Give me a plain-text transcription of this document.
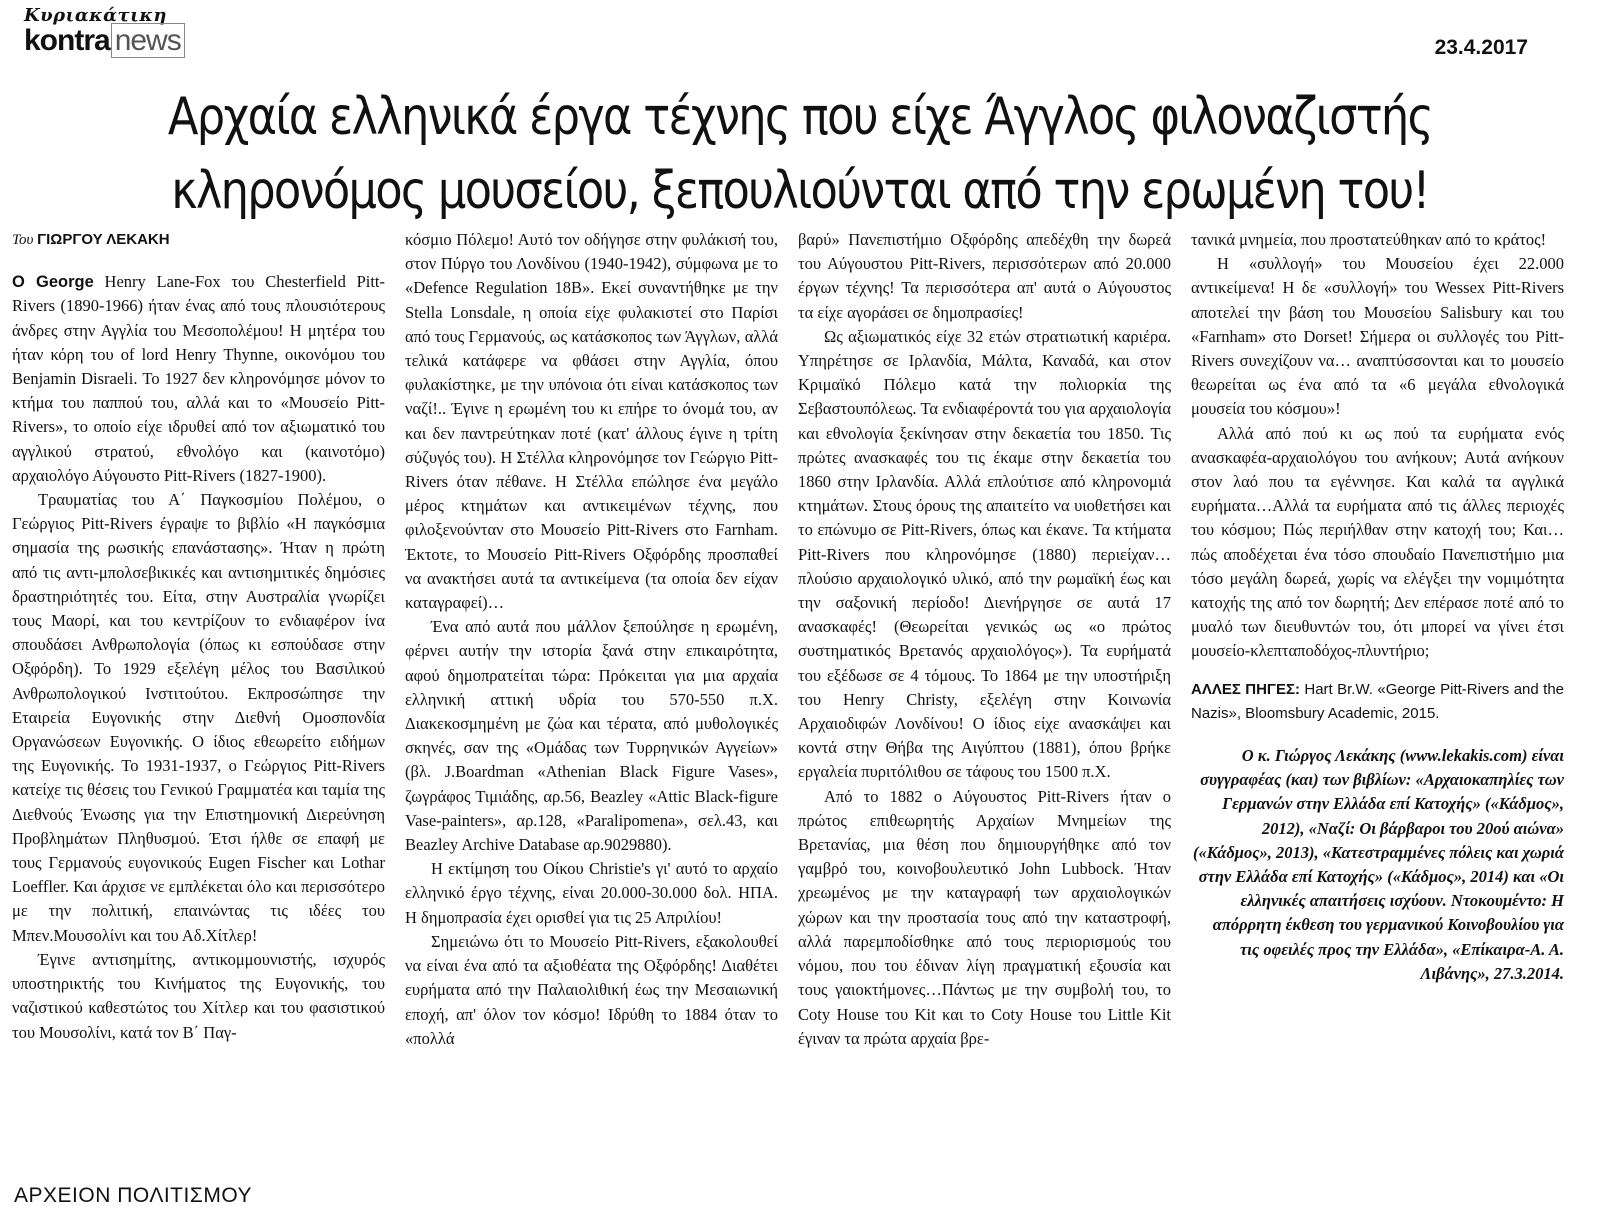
Κυριακάτικη
kontra news	23.4.2017
Αρχαία ελληνικά έργα τέχνης που είχε Άγγλος φιλοναζιστής
κληρονόμος μουσείου, ξεπουλιούνται από την ερωμένη του!

Του ΓΙΩΡΓΟΥ ΛΕΚΑΚΗ

Ο George Henry Lane-Fox του Chesterfield Pitt-Rivers (1890-1966) ήταν ένας από τους πλουσιότερους άνδρες στην Αγγλία του Μεσοπολέμου! Η μητέρα του ήταν κόρη του of lord Henry Thynne, οικονόμου του Benjamin Disraeli. Το 1927 δεν κληρονόμησε μόνον το κτήμα του παππού του, αλλά και το «Μουσείο Pitt-Rivers», το οποίο είχε ιδρυθεί από τον αξιωματικό του αγγλικού στρατού, εθνολόγο και (καινοτόμο) αρχαιολόγο Αύγουστο Pitt-Rivers (1827-1900).

Τραυματίας του Α΄ Παγκοσμίου Πολέμου, ο Γεώργιος Pitt-Rivers έγραψε το βιβλίο «Η παγκόσμια σημασία της ρωσικής επανάστασης». Ήταν η πρώτη από τις αντι-μπολσεβικικές και αντισημιτικές δημόσιες δραστηριότητές του. Είτα, στην Αυστραλία γνωρίζει τους Μαορί, και του κεντρίζουν το ενδιαφέρον ίνα σπουδάσει Ανθρωπολογία (όπως κι εσπούδασε στην Οξφόρδη). Το 1929 εξελέγη μέλος του Βασιλικού Ανθρωπολογικού Ινστιτούτου. Εκπροσώπησε την Εταιρεία Ευγονικής στην Διεθνή Ομοσπονδία Οργανώσεων Ευγονικής. Ο ίδιος εθεωρείτο ειδήμων της Ευγονικής. Το 1931-1937, ο Γεώργιος Pitt-Rivers κατείχε τις θέσεις του Γενικού Γραμματέα και ταμία της Διεθνούς Ένωσης για την Επιστημονική Διερεύνηση Προβλημάτων Πληθυσμού. Έτσι ήλθε σε επαφή με τους Γερμανούς ευγονικούς Eugen Fischer και Lothar Loeffler. Και άρχισε νε εμπλέκεται όλο και περισσότερο με την πολιτική, επαινώντας τις ιδέες του Μπεν.Μουσολίνι και του Αδ.Χίτλερ!

Έγινε αντισημίτης, αντικομμουνιστής, ισχυρός υποστηρικτής του Κινήματος της Ευγονικής, του ναζιστικού καθεστώτος του Χίτλερ και του φασιστικού του Μουσολίνι, κατά τον Β΄ Παγ-

κόσμιο Πόλεμο! Αυτό τον οδήγησε στην φυλάκισή του, στον Πύργο του Λονδίνου (1940-1942), σύμφωνα με το «Defence Regulation 18B». Εκεί συναντήθηκε με την Stella Lonsdale, η οποία είχε φυλακιστεί στο Παρίσι από τους Γερμανούς, ως κατάσκοπος των Άγγλων, αλλά τελικά κατάφερε να φθάσει στην Αγγλία, όπου φυλακίστηκε, με την υπόνοια ότι είναι κατάσκοπος των ναζί!.. Έγινε η ερωμένη του κι επήρε το όνομά του, αν και δεν παντρεύτηκαν ποτέ (κατ' άλλους έγινε η τρίτη σύζυγός του). Η Στέλλα κληρονόμησε τον Γεώργιο Pitt-Rivers όταν πέθανε. Η Στέλλα επώλησε ένα μεγάλο μέρος κτημάτων και αντικειμένων τέχνης, που φιλοξενούνταν στο Μουσείο Pitt-Rivers στο Farnham. Έκτοτε, το Μουσείο Pitt-Rivers Οξφόρδης προσπαθεί να ανακτήσει αυτά τα αντικείμενα (τα οποία δεν είχαν καταγραφεί)…

Ένα από αυτά που μάλλον ξεπούλησε η ερωμένη, φέρνει αυτήν την ιστορία ξανά στην επικαιρότητα, αφού δημοπρατείται τώρα: Πρόκειται για μια αρχαία ελληνική αττική υδρία του 570-550 π.Χ. Διακεκοσμημένη με ζώα και τέρατα, από μυθολογικές σκηνές, σαν της «Ομάδας των Τυρρηνικών Αγγείων» (βλ. J.Boardman «Athenian Black Figure Vases», ζωγράφος Τιμιάδης, αρ.56, Beazley «Attic Black-figure Vase-painters», αρ.128, «Paralipomena», σελ.43, και Beazley Archive Database αρ.9029880).

Η εκτίμηση του Οίκου Christie's γι' αυτό το αρχαίο ελληνικό έργο τέχνης, είναι 20.000-30.000 δολ. ΗΠΑ. Η δημοπρασία έχει ορισθεί για τις 25 Απριλίου!

Σημειώνω ότι το Μουσείο Pitt-Rivers, εξακολουθεί να είναι ένα από τα αξιοθέατα της Οξφόρδης! Διαθέτει ευρήματα από την Παλαιολιθική έως την Μεσαιωνική εποχή, απ' όλον τον κόσμο! Ιδρύθη το 1884 όταν το «πολλά

βαρύ» Πανεπιστήμιο Οξφόρδης απεδέχθη την δωρεά του Αύγουστου Pitt-Rivers, περισσότερων από 20.000 έργων τέχνης! Τα περισσότερα απ' αυτά ο Αύγουστος τα είχε αγοράσει σε δημοπρασίες!

Ως αξιωματικός είχε 32 ετών στρατιωτική καριέρα. Υπηρέτησε σε Ιρλανδία, Μάλτα, Καναδά, και στον Κριμαϊκό Πόλεμο κατά την πολιορκία της Σεβαστουπόλεως. Τα ενδιαφέροντά του για αρχαιολογία και εθνολογία ξεκίνησαν στην δεκαετία του 1850. Τις πρώτες ανασκαφές του τις έκαμε στην δεκαετία του 1860 στην Ιρλανδία. Αλλά επλούτισε από κληρονομιά κτημάτων. Στους όρους της απαιτείτο να υιοθετήσει και το επώνυμο σε Pitt-Rivers, όπως και έκανε. Τα κτήματα Pitt-Rivers που κληρονόμησε (1880) περιείχαν…πλούσιο αρχαιολογικό υλικό, από την ρωμαϊκή έως και την σαξονική περίοδο! Διενήργησε σε αυτά 17 ανασκαφές! (Θεωρείται γενικώς ως «ο πρώτος συστηματικός Βρετανός αρχαιολόγος»). Τα ευρήματά του εξέδωσε σε 4 τόμους. Το 1864 με την υποστήριξη του Henry Christy, εξελέγη στην Κοινωνία Αρχαιοδιφών Λονδίνου! Ο ίδιος είχε ανασκάψει και κοντά στην Θήβα της Αιγύπτου (1881), όπου βρήκε εργαλεία πυριτόλιθου σε τάφους του 1500 π.Χ.

Από το 1882 ο Αύγουστος Pitt-Rivers ήταν ο πρώτος επιθεωρητής Αρχαίων Μνημείων της Βρετανίας, μια θέση που δημιουργήθηκε από τον γαμβρό του, κοινοβουλευτικό John Lubbock. Ήταν χρεωμένος με την καταγραφή των αρχαιολογικών χώρων και την προστασία τους από την καταστροφή, αλλά παρεμποδίσθηκε από τους περιορισμούς του νόμου, που του έδιναν λίγη πραγματική εξουσία και τους γαιοκτήμονες…Πάντως με την συμβολή του, το Coty House του Kit και το Coty House του Little Kit έγιναν τα πρώτα αρχαία βρε-

τανικά μνημεία, που προστατεύθηκαν από το κράτος!

Η «συλλογή» του Μουσείου έχει 22.000 αντικείμενα! Η δε «συλλογή» του Wessex Pitt-Rivers αποτελεί την βάση του Μουσείου Salisbury και του «Farnham» στο Dorset! Σήμερα οι συλλογές του Pitt-Rivers συνεχίζουν να… αναπτύσσονται και το μουσείο θεωρείται ως ένα από τα «6 μεγάλα εθνολογικά μουσεία του κόσμου»!

Αλλά από πού κι ως πού τα ευρήματα ενός ανασκαφέα-αρχαιολόγου του ανήκουν; Αυτά ανήκουν στον λαό που τα εγέννησε. Και καλά τα αγγλικά ευρήματα…Αλλά τα ευρήματα από τις άλλες περιοχές του κόσμου; Πώς περιήλθαν στην κατοχή του; Και…πώς αποδέχεται ένα τόσο σπουδαίο Πανεπιστήμιο μια τόσο μεγάλη δωρεά, χωρίς να ελέγξει την νομιμότητα κατοχής της από τον δωρητή; Δεν επέρασε ποτέ από το μυαλό των διευθυντών του, ότι μπορεί να γίνει έτσι μουσείο-κλεπταποδόχος-πλυντήριο;

ΑΛΛΕΣ ΠΗΓΕΣ: Hart Br.W. «George Pitt-Rivers and the Nazis», Bloomsbury Academic, 2015.

Ο κ. Γιώργος Λεκάκης (www.lekakis.com) είναι συγγραφέας (και) των βιβλίων: «Αρχαιοκαπηλίες των Γερμανών στην Ελλάδα επί Κατοχής» («Κάδμος», 2012), «Ναζί: Οι βάρβαροι του 20ού αιώνα» («Κάδμος», 2013), «Κατεστραμμένες πόλεις και χωριά στην Ελλάδα επί Κατοχής» («Κάδμος», 2014) και «Οι ελληνικές απαιτήσεις ισχύουν. Ντοκουμέντο: Η απόρρητη έκθεση του γερμανικού Κοινοβουλίου για τις οφειλές προς την Ελλάδα», «Επίκαιρα-Α. Α. Λιβάνης», 27.3.2014.

ΑΡΧΕΙΟΝ ΠΟΛΙΤΙΣΜΟΥ
